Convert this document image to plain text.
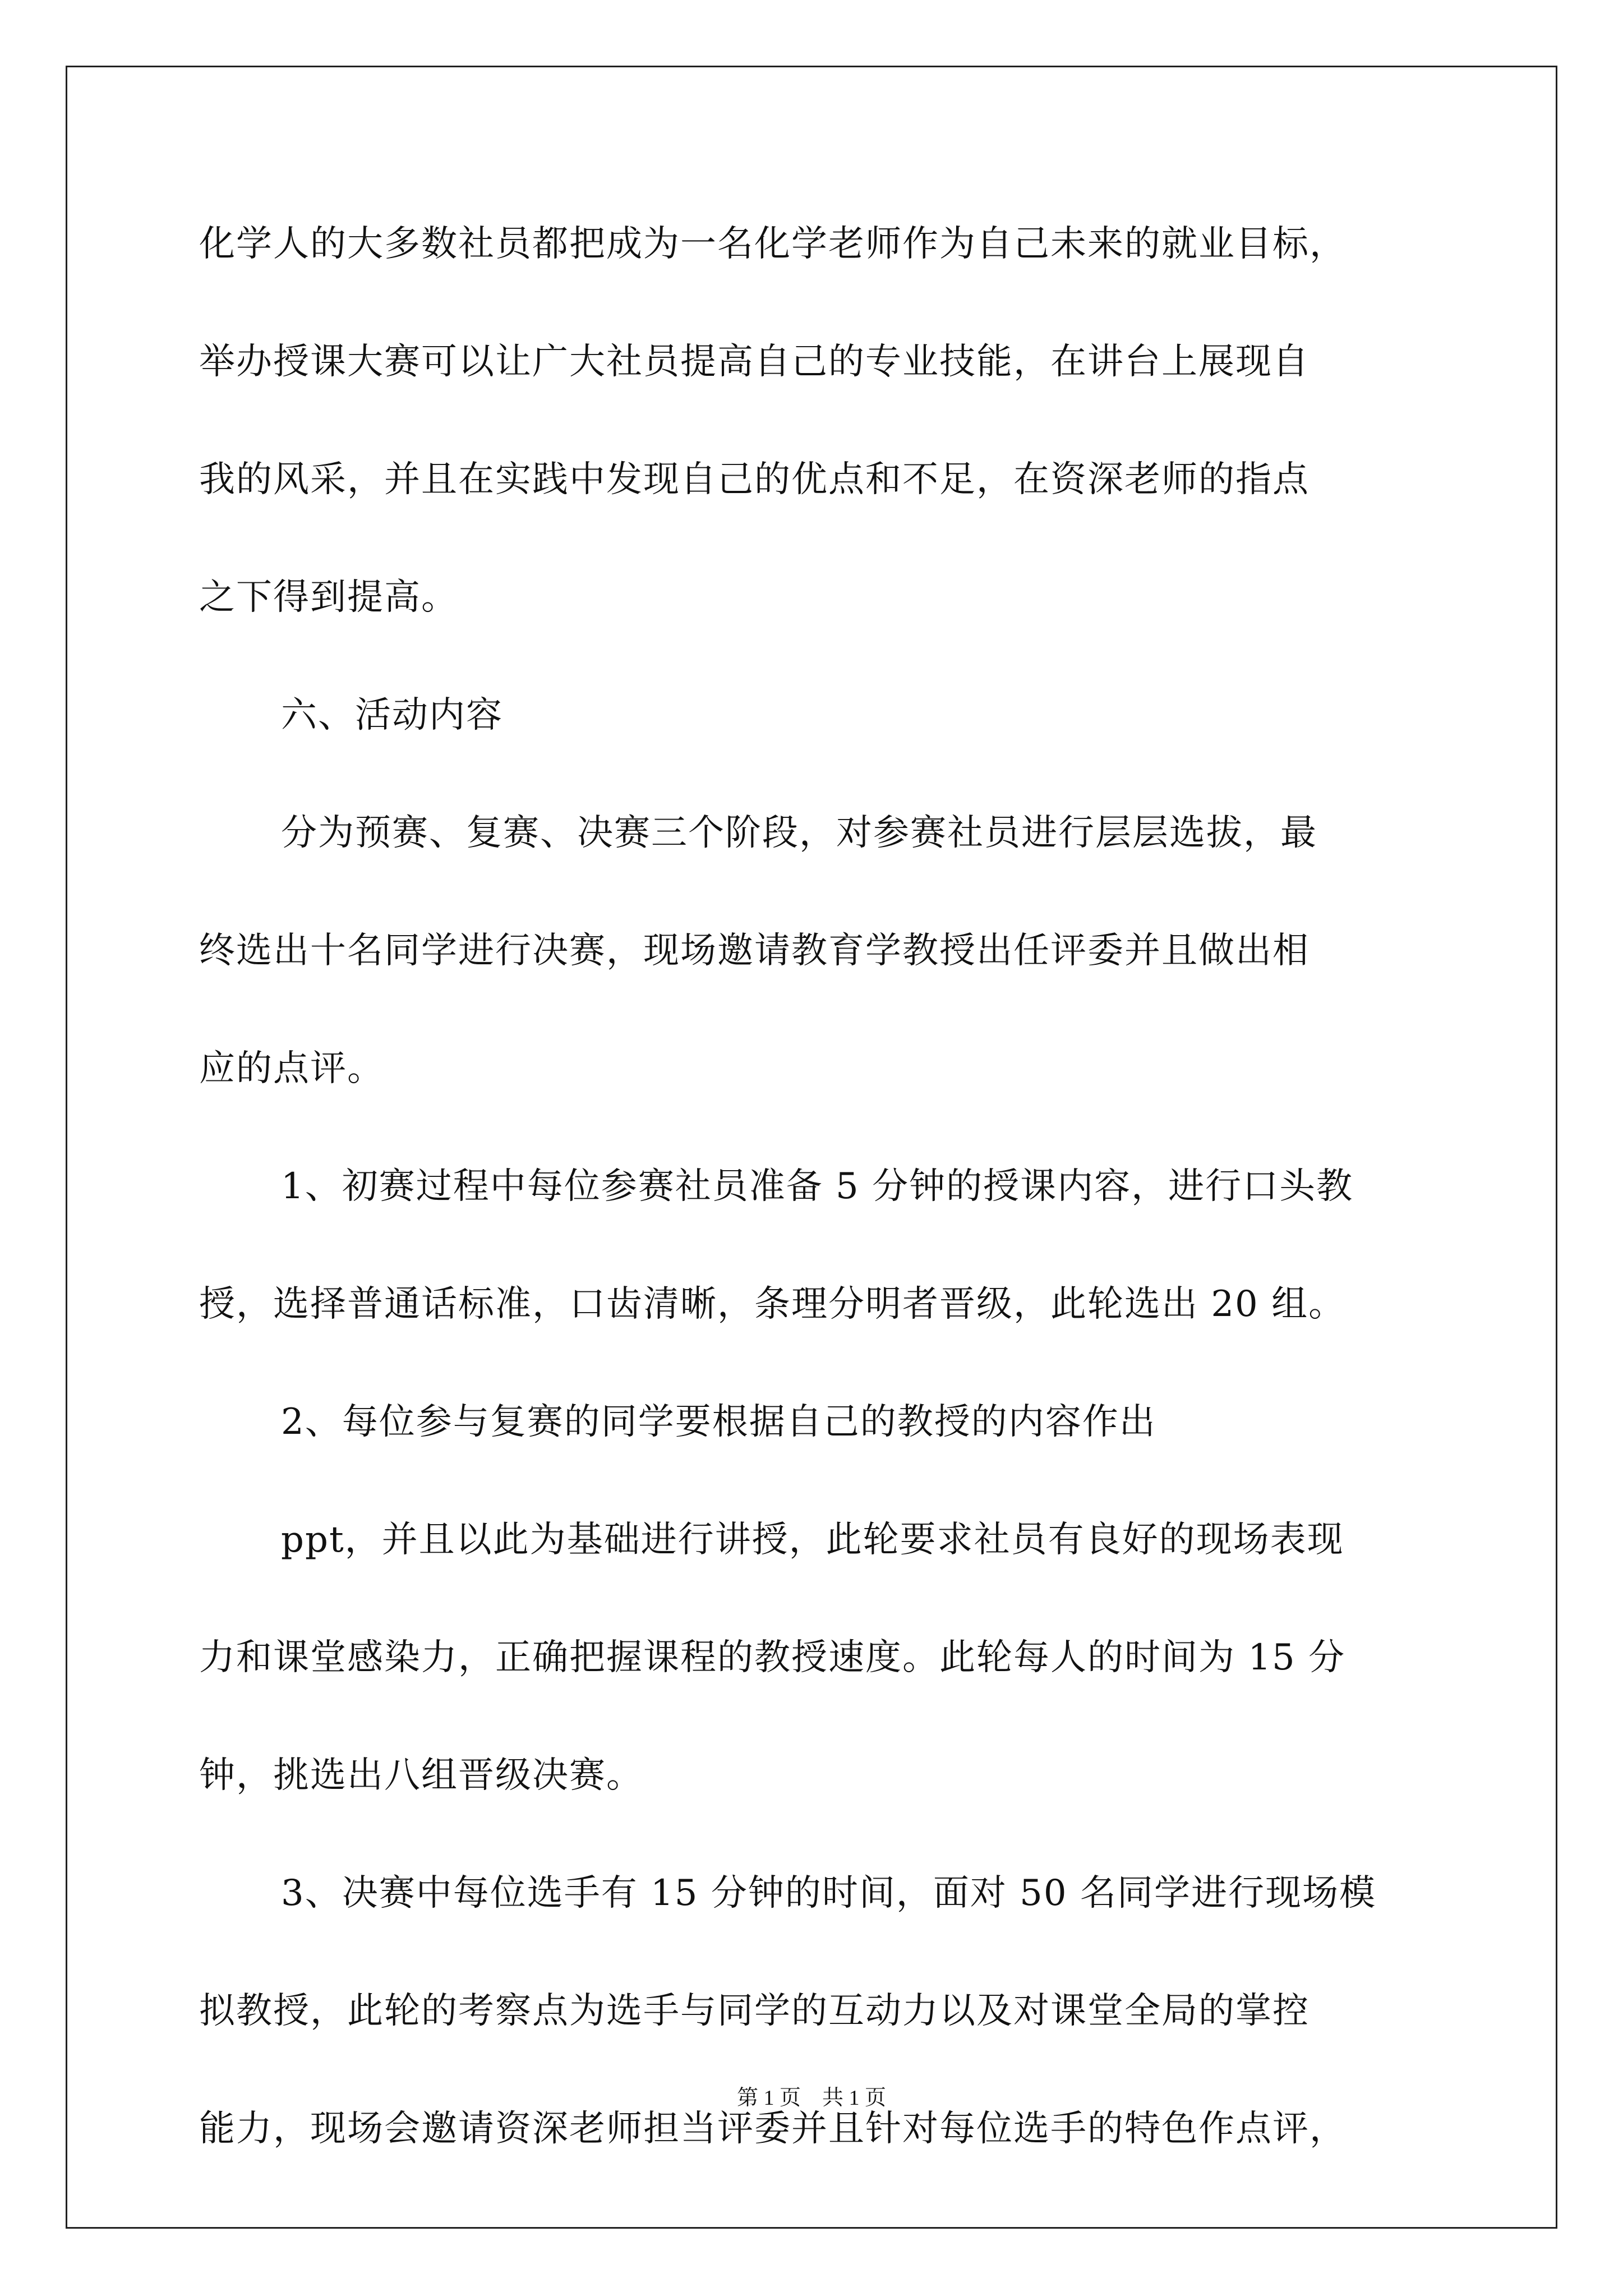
化学人的大多数社员都把成为一名化学老师作为自己未来的就业目标，
举办授课大赛可以让广大社员提高自己的专业技能，在讲台上展现自
我的风采，并且在实践中发现自己的优点和不足，在资深老师的指点
之下得到提高。
六、活动内容
分为预赛、复赛、决赛三个阶段，对参赛社员进行层层选拔，最
终选出十名同学进行决赛，现场邀请教育学教授出任评委并且做出相
应的点评。
1、初赛过程中每位参赛社员准备 5 分钟的授课内容，进行口头教
授，选择普通话标准，口齿清晰，条理分明者晋级，此轮选出 20 组。
2、每位参与复赛的同学要根据自己的教授的内容作出
ppt，并且以此为基础进行讲授，此轮要求社员有良好的现场表现
力和课堂感染力，正确把握课程的教授速度。此轮每人的时间为 15 分
钟，挑选出八组晋级决赛。
3、决赛中每位选手有 15 分钟的时间，面对 50 名同学进行现场模
拟教授，此轮的考察点为选手与同学的互动力以及对课堂全局的掌控
能力，现场会邀请资深老师担当评委并且针对每位选手的特色作点评，
第 1 页　共 1 页
